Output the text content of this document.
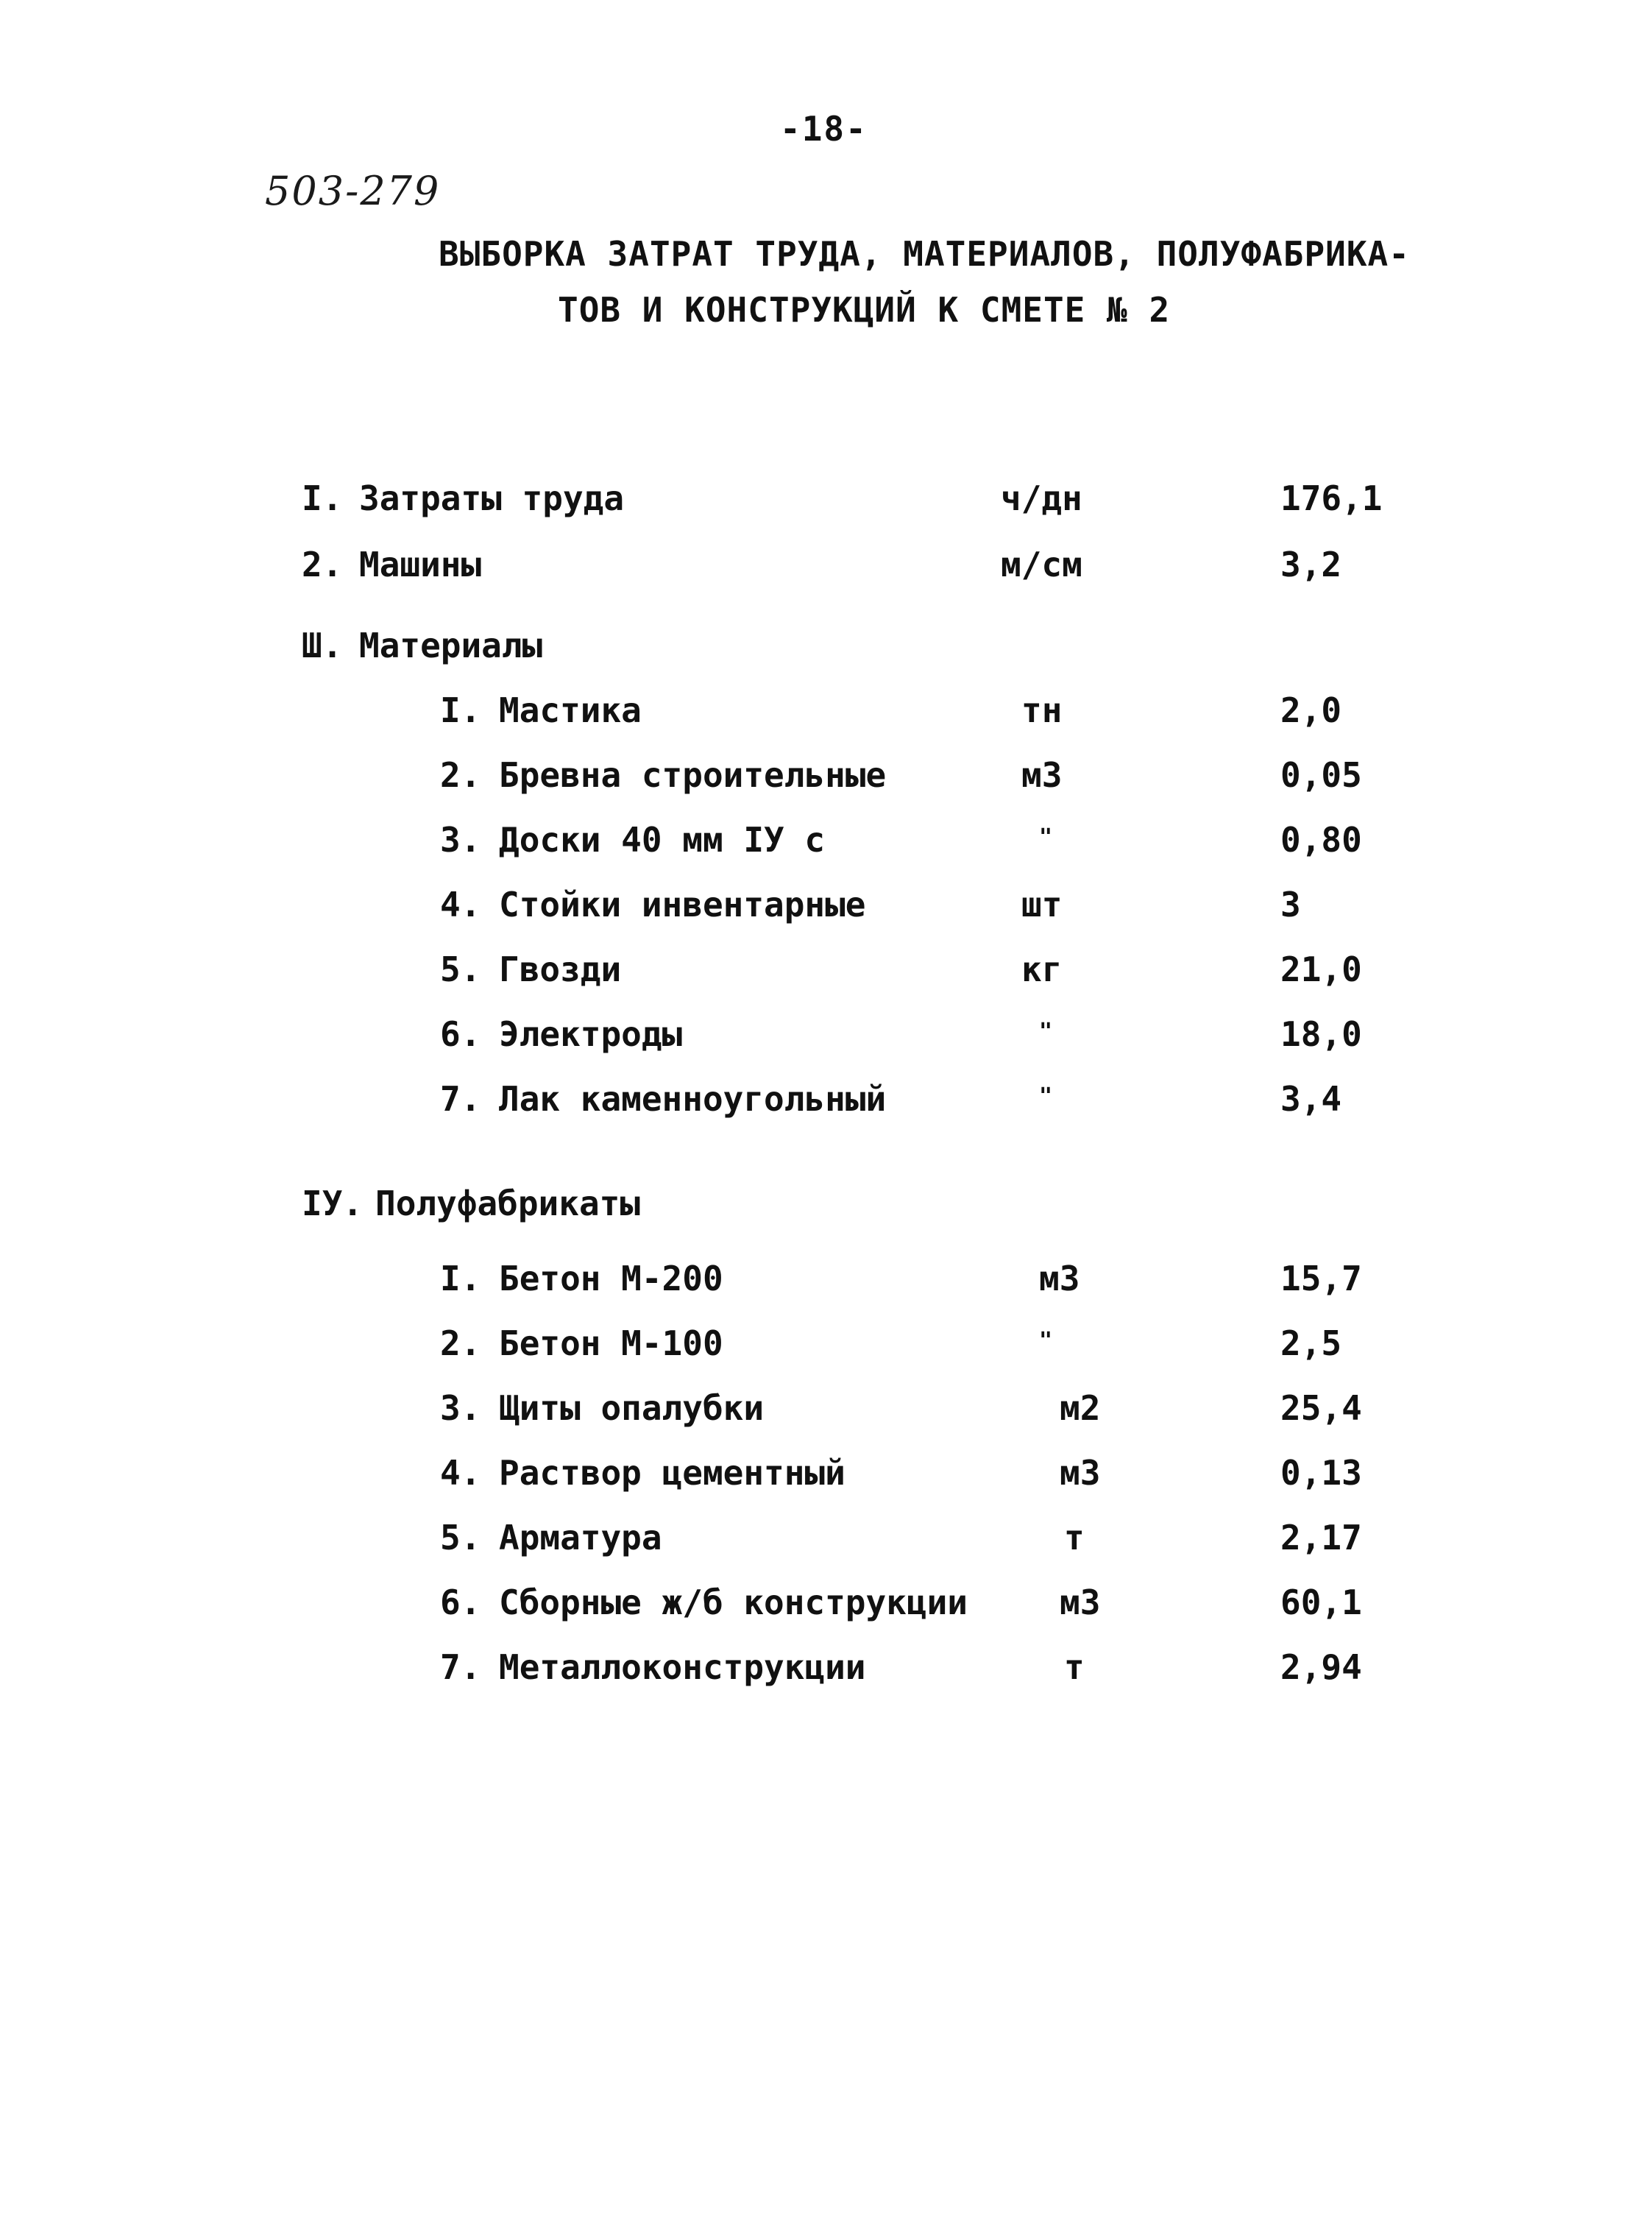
-18-
503-279
ВЫБОРКА ЗАТРАТ ТРУДА, МАТЕРИАЛОВ, ПОЛУФАБРИКА-
ТОВ И КОНСТРУКЦИЙ К СМЕТЕ № 2
I. Затраты труда	ч/дн	176,1
2. Машины	м/см	3,2
Ш. Материалы
I. Мастика	тн	2,0
2. Бревна строительные	м3	0,05
3. Доски 40 мм IУ с	"	0,80
4. Стойки инвентарные	шт	3
5. Гвозди	кг	21,0
6. Электроды	"	18,0
7. Лак каменноугольный	"	3,4
IУ. Полуфабрикаты
I. Бетон М-200	м3	15,7
2. Бетон М-100	"	2,5
3. Щиты опалубки	м2	25,4
4. Раствор цементный	м3	0,13
5. Арматура	т	2,17
6. Сборные ж/б конструкции	м3	60,1
7. Металлоконструкции	т	2,94
